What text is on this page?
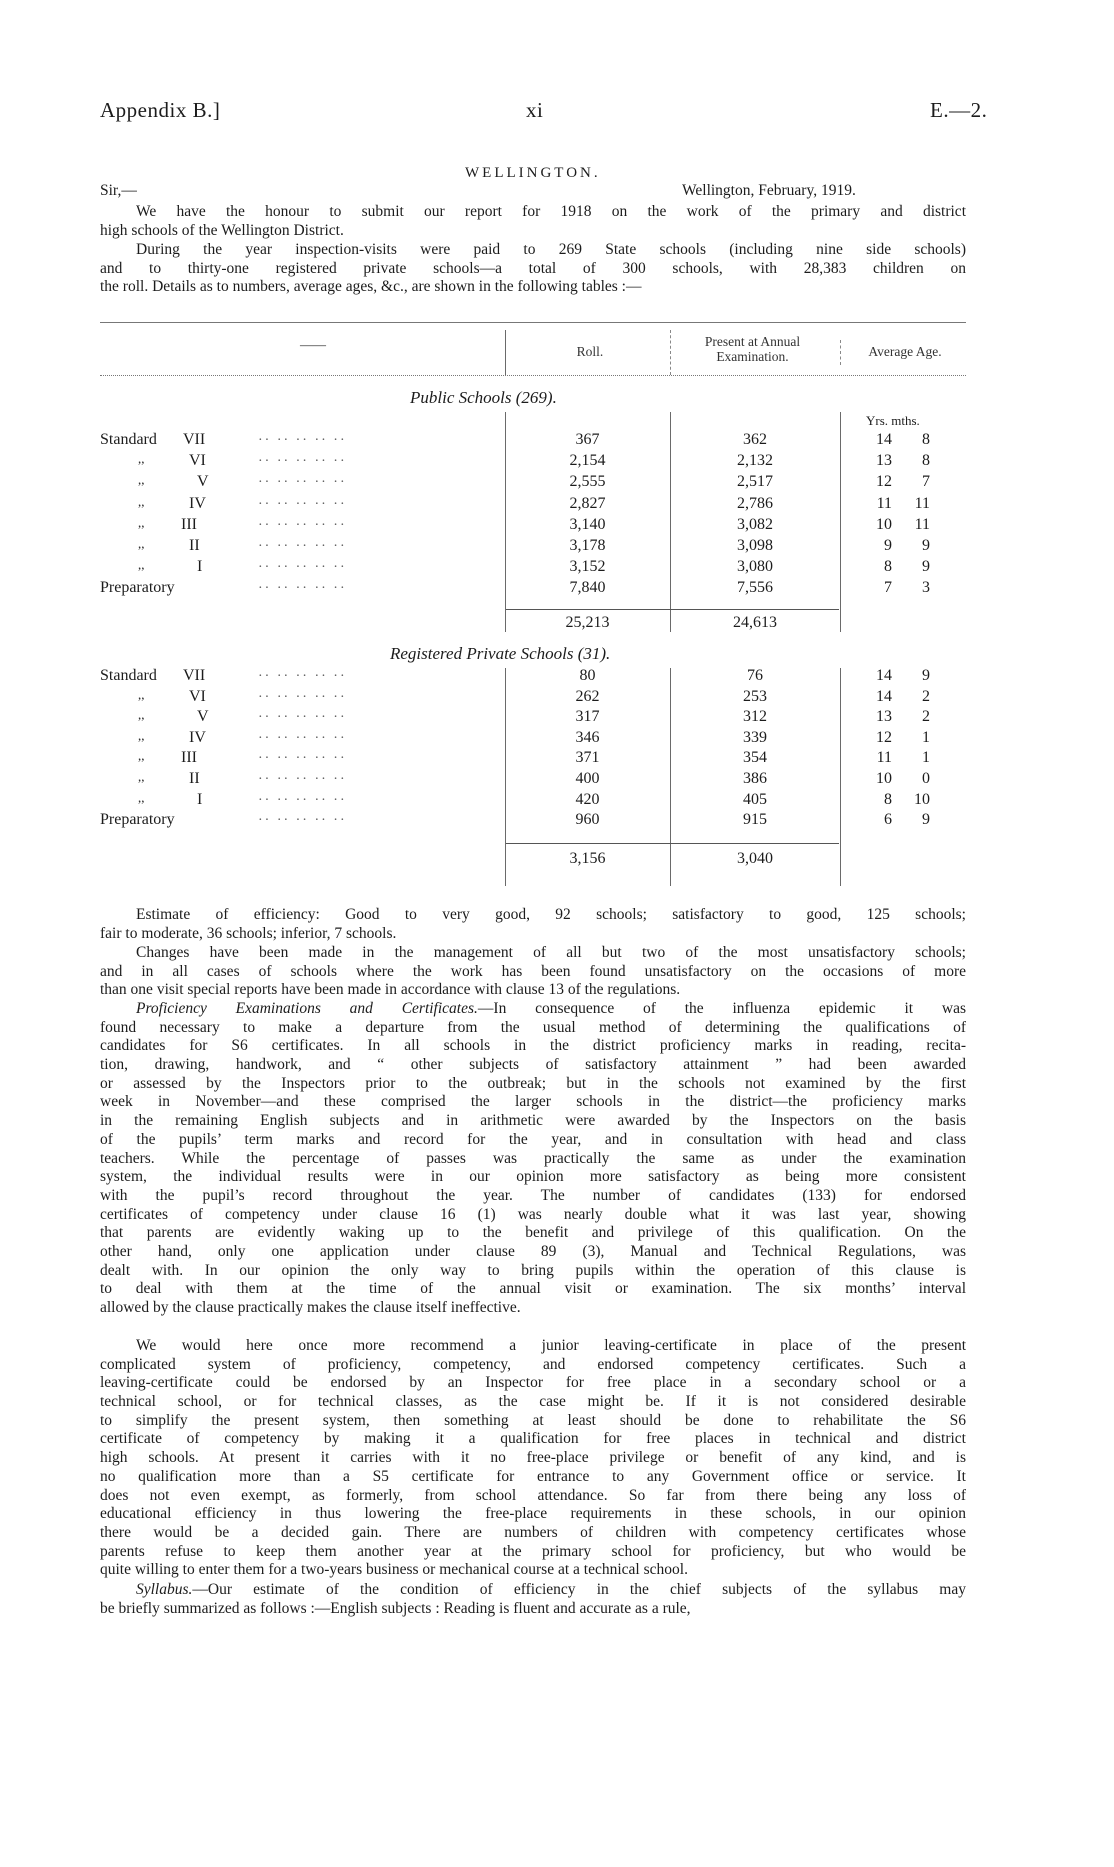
Appendix B.]	xi	E.—2.
WELLINGTON.
Sir,—	Wellington, February, 1919.
We have the honour to submit our report for 1918 on the work of the primary and district
high schools of the Wellington District.
During the year inspection-visits were paid to 269 State schools (including nine side schools)
and to thirty-one registered private schools—a total of 300 schools, with 28,383 children on
the roll. Details as to numbers, average ages, &c., are shown in the following tables :—
——	Roll.
Present at Annual Examination.	Average Age.
Public Schools (269).
Yrs. mths.
Standard VII	·· ·· ·· ·· ··	367	362	14	8
,,	VI	·· ·· ·· ·· ··	2,154	2,132	13	8
,,	V	·· ·· ·· ·· ··	2,555	2,517	12	7
,,	IV	·· ·· ·· ·· ··	2,827	2,786	11	11
,, III	·· ·· ·· ·· ··	3,140	3,082	10	11
,,	II	·· ·· ·· ·· ··	3,178	3,098	9	9
,,	I	·· ·· ·· ·· ··	3,152	3,080	8	9
Preparatory	·· ·· ·· ·· ··	7,840	7,556	7	3
25,213	24,613
Registered Private Schools (31).
Standard VII	·· ·· ·· ·· ··	80	76	14	9
,,	VI	·· ·· ·· ·· ··	262	253	14	2
,,	V	·· ·· ·· ·· ··	317	312	13	2
,,	IV	·· ·· ·· ·· ··	346	339	12	1
,, III	·· ·· ·· ·· ··	371	354	11	1
,,	II	·· ·· ·· ·· ··	400	386	10	0
,,	I	·· ·· ·· ·· ··	420	405	8	10
Preparatory	·· ·· ·· ·· ··	960	915	6	9
3,156	3,040
Estimate of efficiency: Good to very good, 92 schools; satisfactory to good, 125 schools;
fair to moderate, 36 schools; inferior, 7 schools.
Changes have been made in the management of all but two of the most unsatisfactory schools;
and in all cases of schools where the work has been found unsatisfactory on the occasions of more
than one visit special reports have been made in accordance with clause 13 of the regulations.
Proficiency Examinations and Certificates.—In consequence of the influenza epidemic it was
found necessary to make a departure from the usual method of determining the qualifications of
candidates for S6 certificates. In all schools in the district proficiency marks in reading, recita-
tion, drawing, handwork, and “ other subjects of satisfactory attainment ” had been awarded
or assessed by the Inspectors prior to the outbreak; but in the schools not examined by the first
week in November—and these comprised the larger schools in the district—the proficiency marks
in the remaining English subjects and in arithmetic were awarded by the Inspectors on the basis
of the pupils’ term marks and record for the year, and in consultation with head and class
teachers. While the percentage of passes was practically the same as under the examination
system, the individual results were in our opinion more satisfactory as being more consistent
with the pupil’s record throughout the year. The number of candidates (133) for endorsed
certificates of competency under clause 16 (1) was nearly double what it was last year, showing
that parents are evidently waking up to the benefit and privilege of this qualification. On the
other hand, only one application under clause 89 (3), Manual and Technical Regulations, was
dealt with. In our opinion the only way to bring pupils within the operation of this clause is
to deal with them at the time of the annual visit or examination. The six months’ interval
allowed by the clause practically makes the clause itself ineffective.
We would here once more recommend a junior leaving-certificate in place of the present
complicated system of proficiency, competency, and endorsed competency certificates. Such a
leaving-certificate could be endorsed by an Inspector for free place in a secondary school or a
technical school, or for technical classes, as the case might be. If it is not considered desirable
to simplify the present system, then something at least should be done to rehabilitate the S6
certificate of competency by making it a qualification for free places in technical and district
high schools. At present it carries with it no free-place privilege or benefit of any kind, and is
no qualification more than a S5 certificate for entrance to any Government office or service. It
does not even exempt, as formerly, from school attendance. So far from there being any loss of
educational efficiency in thus lowering the free-place requirements in these schools, in our opinion
there would be a decided gain. There are numbers of children with competency certificates whose
parents refuse to keep them another year at the primary school for proficiency, but who would be
quite willing to enter them for a two-years business or mechanical course at a technical school.
Syllabus.—Our estimate of the condition of efficiency in the chief subjects of the syllabus may
be briefly summarized as follows :—English subjects : Reading is fluent and accurate as a rule,
